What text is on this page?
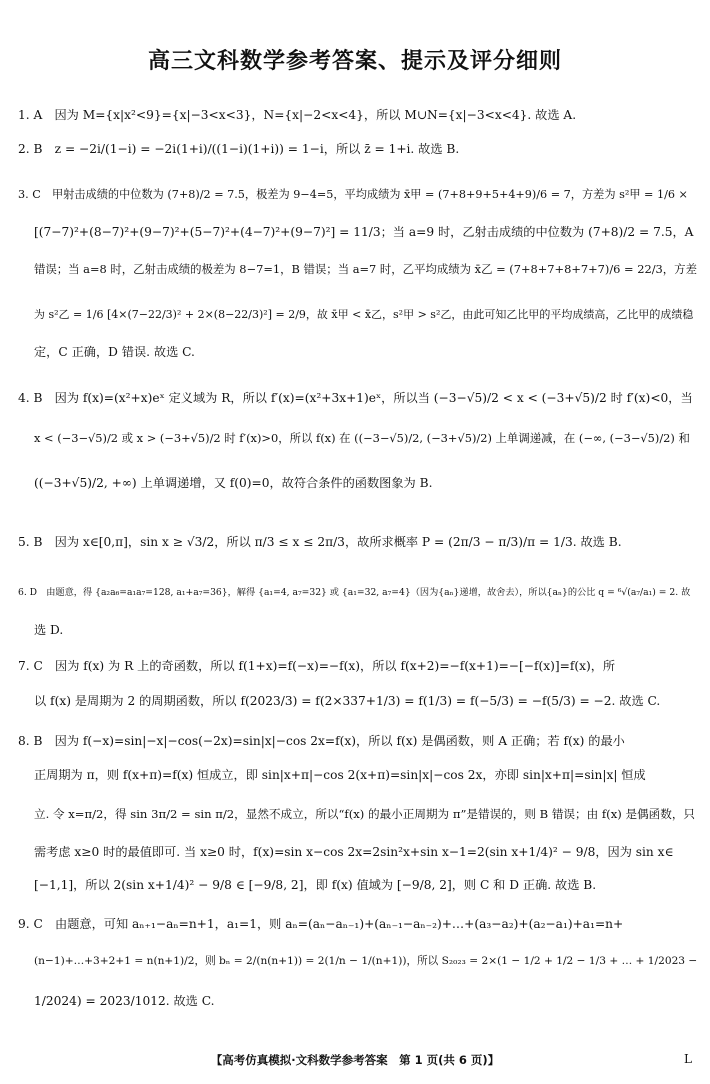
高三文科数学参考答案、提示及评分细则
1. A　因为 M={x|x²<9}={x|−3<x<3}，N={x|−2<x<4}，所以 M∪N={x|−3<x<4}. 故选 A.
2. B　z = −2i/(1−i) = −2i(1+i)/((1−i)(1+i)) = 1−i，所以 z̄ = 1+i. 故选 B.
3. C　甲射击成绩的中位数为 (7+8)/2 = 7.5，极差为 9−4=5，平均成绩为 x̄甲 = (7+8+9+5+4+9)/6 = 7，方差为 s²甲 = 1/6 ×
[(7−7)²+(8−7)²+(9−7)²+(5−7)²+(4−7)²+(9−7)²] = 11/3；当 a=9 时，乙射击成绩的中位数为 (7+8)/2 = 7.5，A
错误；当 a=8 时，乙射击成绩的极差为 8−7=1，B 错误；当 a=7 时，乙平均成绩为 x̄乙 = (7+8+7+8+7+7)/6 = 22/3，方差
为 s²乙 = 1/6 [4×(7−22/3)² + 2×(8−22/3)²] = 2/9，故 x̄甲 < x̄乙，s²甲 > s²乙，由此可知乙比甲的平均成绩高，乙比甲的成绩稳
定，C 正确，D 错误. 故选 C.
4. B　因为 f(x)=(x²+x)eˣ 定义域为 R，所以 f′(x)=(x²+3x+1)eˣ，所以当 (−3−√5)/2 < x < (−3+√5)/2 时 f′(x)<0，当
x < (−3−√5)/2 或 x > (−3+√5)/2 时 f′(x)>0，所以 f(x) 在 ((−3−√5)/2, (−3+√5)/2) 上单调递减，在 (−∞, (−3−√5)/2) 和
((−3+√5)/2, +∞) 上单调递增，又 f(0)=0，故符合条件的函数图象为 B.
5. B　因为 x∈[0,π]，sin x ≥ √3/2，所以 π/3 ≤ x ≤ 2π/3，故所求概率 P = (2π/3 − π/3)/π = 1/3. 故选 B.
6. D　由题意，得 {a₂a₆=a₁a₇=128, a₁+a₇=36}，解得 {a₁=4, a₇=32} 或 {a₁=32, a₇=4}（因为{aₙ}递增，故舍去），所以{aₙ}的公比 q = ⁶√(a₇/a₁) = 2. 故
选 D.
7. C　因为 f(x) 为 R 上的奇函数，所以 f(1+x)=f(−x)=−f(x)，所以 f(x+2)=−f(x+1)=−[−f(x)]=f(x)，所
以 f(x) 是周期为 2 的周期函数，所以 f(2023/3) = f(2×337+1/3) = f(1/3) = f(−5/3) = −f(5/3) = −2. 故选 C.
8. B　因为 f(−x)=sin|−x|−cos(−2x)=sin|x|−cos 2x=f(x)，所以 f(x) 是偶函数，则 A 正确；若 f(x) 的最小
正周期为 π，则 f(x+π)=f(x) 恒成立，即 sin|x+π|−cos 2(x+π)=sin|x|−cos 2x，亦即 sin|x+π|=sin|x| 恒成
立. 令 x=π/2，得 sin 3π/2 = sin π/2，显然不成立，所以“f(x) 的最小正周期为 π”是错误的，则 B 错误；由 f(x) 是偶函数，只
需考虑 x≥0 时的最值即可. 当 x≥0 时，f(x)=sin x−cos 2x=2sin²x+sin x−1=2(sin x+1/4)² − 9/8，因为 sin x∈
[−1,1]，所以 2(sin x+1/4)² − 9/8 ∈ [−9/8, 2]，即 f(x) 值域为 [−9/8, 2]，则 C 和 D 正确. 故选 B.
9. C　由题意，可知 aₙ₊₁−aₙ=n+1，a₁=1，则 aₙ=(aₙ−aₙ₋₁)+(aₙ₋₁−aₙ₋₂)+…+(a₃−a₂)+(a₂−a₁)+a₁=n+
(n−1)+…+3+2+1 = n(n+1)/2，则 bₙ = 2/(n(n+1)) = 2(1/n − 1/(n+1))，所以 S₂₀₂₃ = 2×(1 − 1/2 + 1/2 − 1/3 + … + 1/2023 −
1/2024) = 2023/1012. 故选 C.
【高考仿真模拟·文科数学参考答案　第 1 页(共 6 页)】	L
